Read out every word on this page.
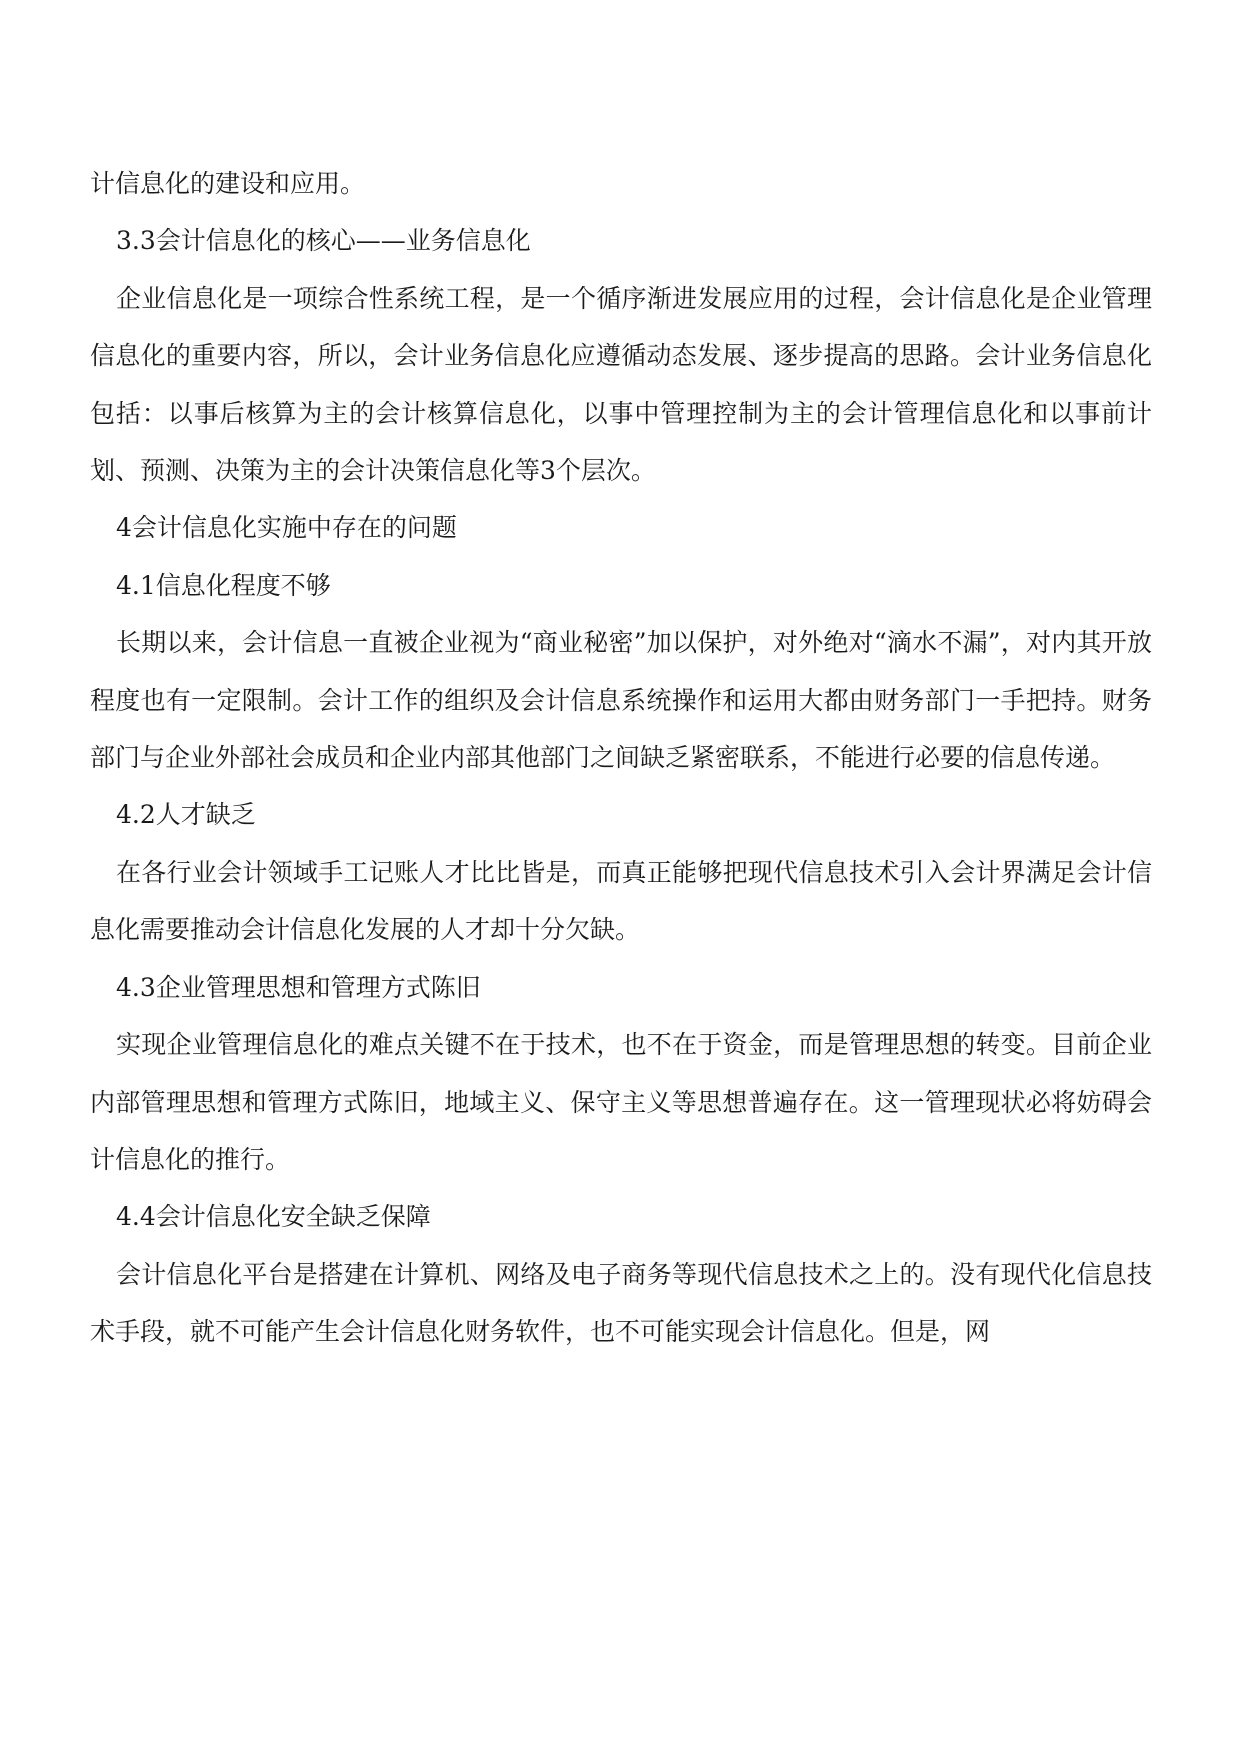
计信息化的建设和应用。

3.3会计信息化的核心——业务信息化

企业信息化是一项综合性系统工程，是一个循序渐进发展应用的过程，会计信息化是企业管理信息化的重要内容，所以，会计业务信息化应遵循动态发展、逐步提高的思路。会计业务信息化包括：以事后核算为主的会计核算信息化，以事中管理控制为主的会计管理信息化和以事前计划、预测、决策为主的会计决策信息化等3个层次。

4会计信息化实施中存在的问题

4.1信息化程度不够

长期以来，会计信息一直被企业视为“商业秘密”加以保护，对外绝对“滴水不漏”，对内其开放程度也有一定限制。会计工作的组织及会计信息系统操作和运用大都由财务部门一手把持。财务部门与企业外部社会成员和企业内部其他部门之间缺乏紧密联系，不能进行必要的信息传递。

4.2人才缺乏

在各行业会计领域手工记账人才比比皆是，而真正能够把现代信息技术引入会计界满足会计信息化需要推动会计信息化发展的人才却十分欠缺。

4.3企业管理思想和管理方式陈旧

实现企业管理信息化的难点关键不在于技术，也不在于资金，而是管理思想的转变。目前企业内部管理思想和管理方式陈旧，地域主义、保守主义等思想普遍存在。这一管理现状必将妨碍会计信息化的推行。

4.4会计信息化安全缺乏保障

会计信息化平台是搭建在计算机、网络及电子商务等现代信息技术之上的。没有现代化信息技术手段，就不可能产生会计信息化财务软件，也不可能实现会计信息化。但是，网
